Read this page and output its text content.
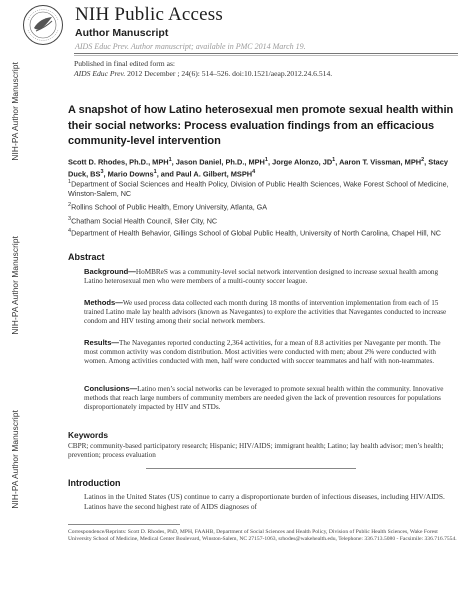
NIH-PA Author Manuscript
NIH-PA Author Manuscript
NIH-PA Author Manuscript
NIH Public Access
Author Manuscript
AIDS Educ Prev. Author manuscript; available in PMC 2014 March 19.
Published in final edited form as:
AIDS Educ Prev. 2012 December ; 24(6): 514–526. doi:10.1521/aeap.2012.24.6.514.
A snapshot of how Latino heterosexual men promote sexual health within their social networks: Process evaluation findings from an efficacious community-level intervention
Scott D. Rhodes, Ph.D., MPH$^1$, Jason Daniel, Ph.D., MPH$^1$, Jorge Alonzo, $JD^1$, Aaron T. Vissman, MPH$^2$, Stacy Duck, $BS^3$, Mario Downs$^1$, and Paul A. Gilbert, MSPH$^4$
$^1$Department of Social Sciences and Health Policy, Division of Public Health Sciences, Wake Forest School of Medicine, Winston-Salem, NC
$^2$Rollins School of Public Health, Emory University, Atlanta, GA
$^3$Chatham Social Health Council, Siler City, NC
$^4$Department of Health Behavior, Gillings School of Global Public Health, University of North Carolina, Chapel Hill, NC
Abstract
Background—HoMBReS was a community-level social network intervention designed to increase sexual health among Latino heterosexual men who were members of a multi-county soccer league.
Methods—We used process data collected each month during 18 months of intervention implementation from each of 15 trained Latino male lay health advisors (known as Navegantes) to explore the activities that Navegantes conducted to increase condom and HIV testing among their social network members.
Results—The Navegantes reported conducting 2,364 activities, for a mean of 8.8 activities per Navegante per month. The most common activity was condom distribution. Most activities were conducted with men; about 2% were conducted with women. Among activities conducted with men, half were conducted with soccer teammates and half with non-teammates.
Conclusions—Latino men’s social networks can be leveraged to promote sexual health within the community. Innovative methods that reach large numbers of community members are needed given the lack of prevention resources for populations disproportionately impacted by HIV and STDs.
Keywords
CBPR; community-based participatory research; Hispanic; HIV/AIDS; immigrant health; Latino; lay health advisor; men’s health; prevention; process evaluation
Introduction
Latinos in the United States (US) continue to carry a disproportionate burden of infectious diseases, including HIV/AIDS. Latinos have the second highest rate of AIDS diagnoses of
Correspondence/Reprints: Scott D. Rhodes, PhD, MPH, FAAHB, Department of Social Sciences and Health Policy, Division of Public Health Sciences, Wake Forest University School of Medicine, Medical Center Boulevard, Winston-Salem, NC 27157-1063, srhodes@wakehealth.edu, Telephone: 336.713.5080 - Facsimile: 336.716.7554.
